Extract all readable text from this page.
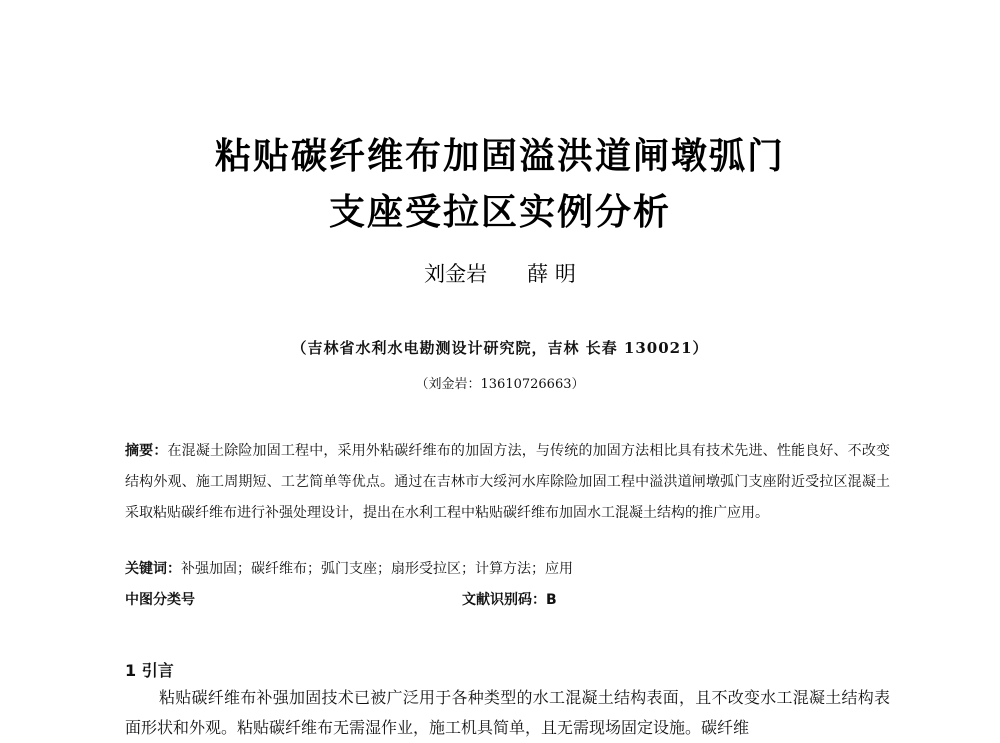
粘贴碳纤维布加固溢洪道闸墩弧门
支座受拉区实例分析
刘金岩 薛 明
（吉林省水利水电勘测设计研究院，吉林 长春 130021）
（刘金岩：13610726663）
摘要：在混凝土除险加固工程中，采用外粘碳纤维布的加固方法，与传统的加固方法相比具有技术先进、性能良好、不改变结构外观、施工周期短、工艺简单等优点。通过在吉林市大绥河水库除险加固工程中溢洪道闸墩弧门支座附近受拉区混凝土采取粘贴碳纤维布进行补强处理设计，提出在水利工程中粘贴碳纤维布加固水工混凝土结构的推广应用。
关键词：补强加固；碳纤维布；弧门支座；扇形受拉区；计算方法；应用
中图分类号	文献识别码：B
1 引言
粘贴碳纤维布补强加固技术已被广泛用于各种类型的水工混凝土结构表面，且不改变水工混凝土结构表面形状和外观。粘贴碳纤维布无需湿作业，施工机具简单，且无需现场固定设施。碳纤维
